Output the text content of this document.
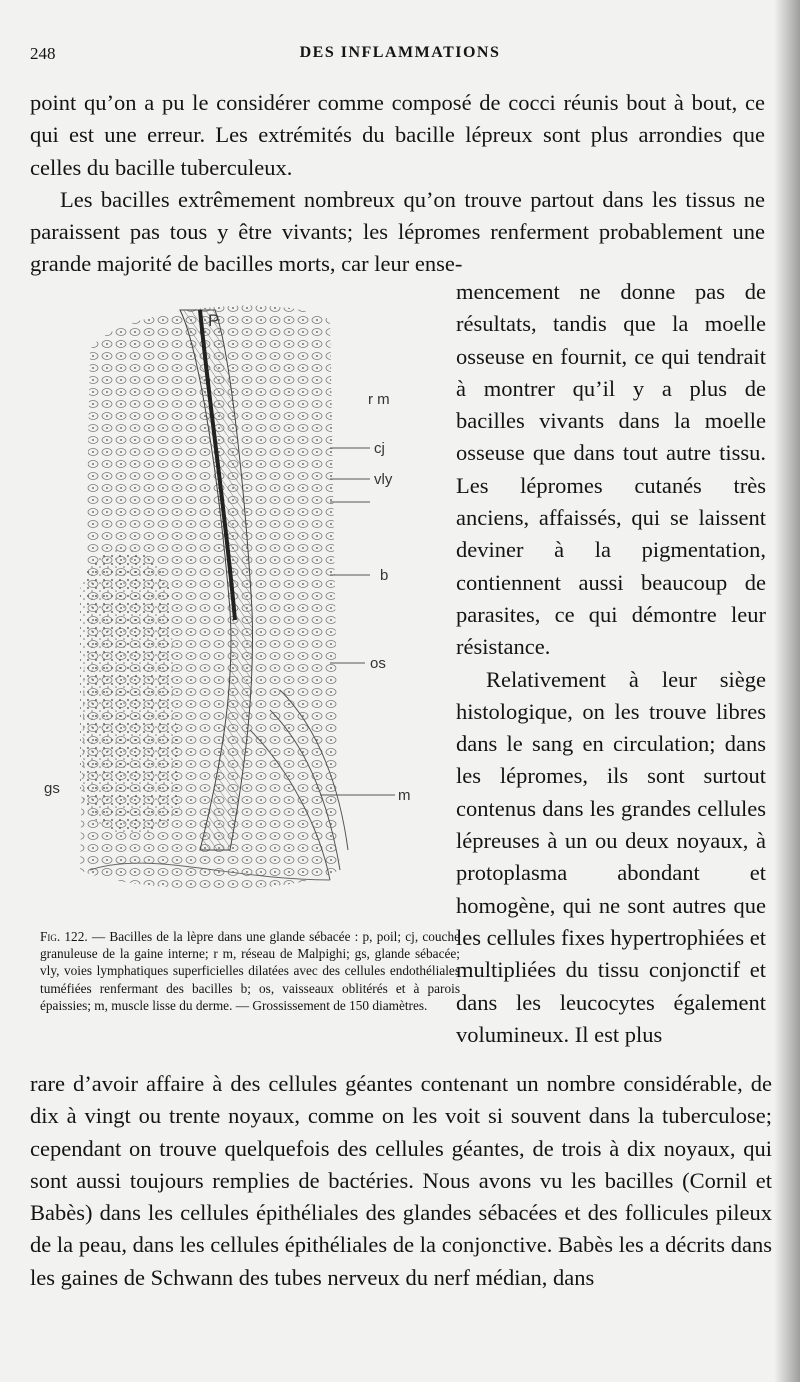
248	DES INFLAMMATIONS

point qu’on a pu le considérer comme composé de cocci réunis bout à bout, ce qui est une erreur. Les extrémités du bacille lépreux sont plus arrondies que celles du bacille tuberculeux.

Les bacilles extrêmement nombreux qu’on trouve partout dans les tissus ne paraissent pas tous y être vivants; les lépromes renferment probablement une grande majorité de bacilles morts, car leur ense-

P
r m
cj
vly
b
os
gs	m
Fig. 122. — Bacilles de la lèpre dans une glande sébacée : p, poil; cj, couche granuleuse de la gaine interne; r m, réseau de Malpighi; gs, glande sébacée; vly, voies lymphatiques superficielles dilatées avec des cellules endothéliales tuméfiées renfermant des bacilles b; os, vaisseaux oblitérés et à parois épaissies; m, muscle lisse du derme. — Grossissement de 150 diamètres.

mencement ne donne pas de résultats, tandis que la moelle osseuse en fournit, ce qui tendrait à montrer qu’il y a plus de bacilles vivants dans la moelle osseuse que dans tout autre tissu. Les lépromes cutanés très anciens, affaissés, qui se laissent deviner à la pigmentation, contiennent aussi beaucoup de parasites, ce qui démontre leur résistance.

Relativement à leur siège histologique, on les trouve libres dans le sang en circulation; dans les lépromes, ils sont surtout contenus dans les grandes cellules lépreuses à un ou deux noyaux, à protoplasma abondant et homogène, qui ne sont autres que les cellules fixes hypertrophiées et multipliées du tissu conjonctif et dans les leucocytes également volumineux. Il est plus

rare d’avoir affaire à des cellules géantes contenant un nombre considérable, de dix à vingt ou trente noyaux, comme on les voit si souvent dans la tuberculose; cependant on trouve quelquefois des cellules géantes, de trois à dix noyaux, qui sont aussi toujours remplies de bactéries. Nous avons vu les bacilles (Cornil et Babès) dans les cellules épithéliales des glandes sébacées et des follicules pileux de la peau, dans les cellules épithéliales de la conjonctive. Babès les a décrits dans les gaines de Schwann des tubes nerveux du nerf médian, dans
